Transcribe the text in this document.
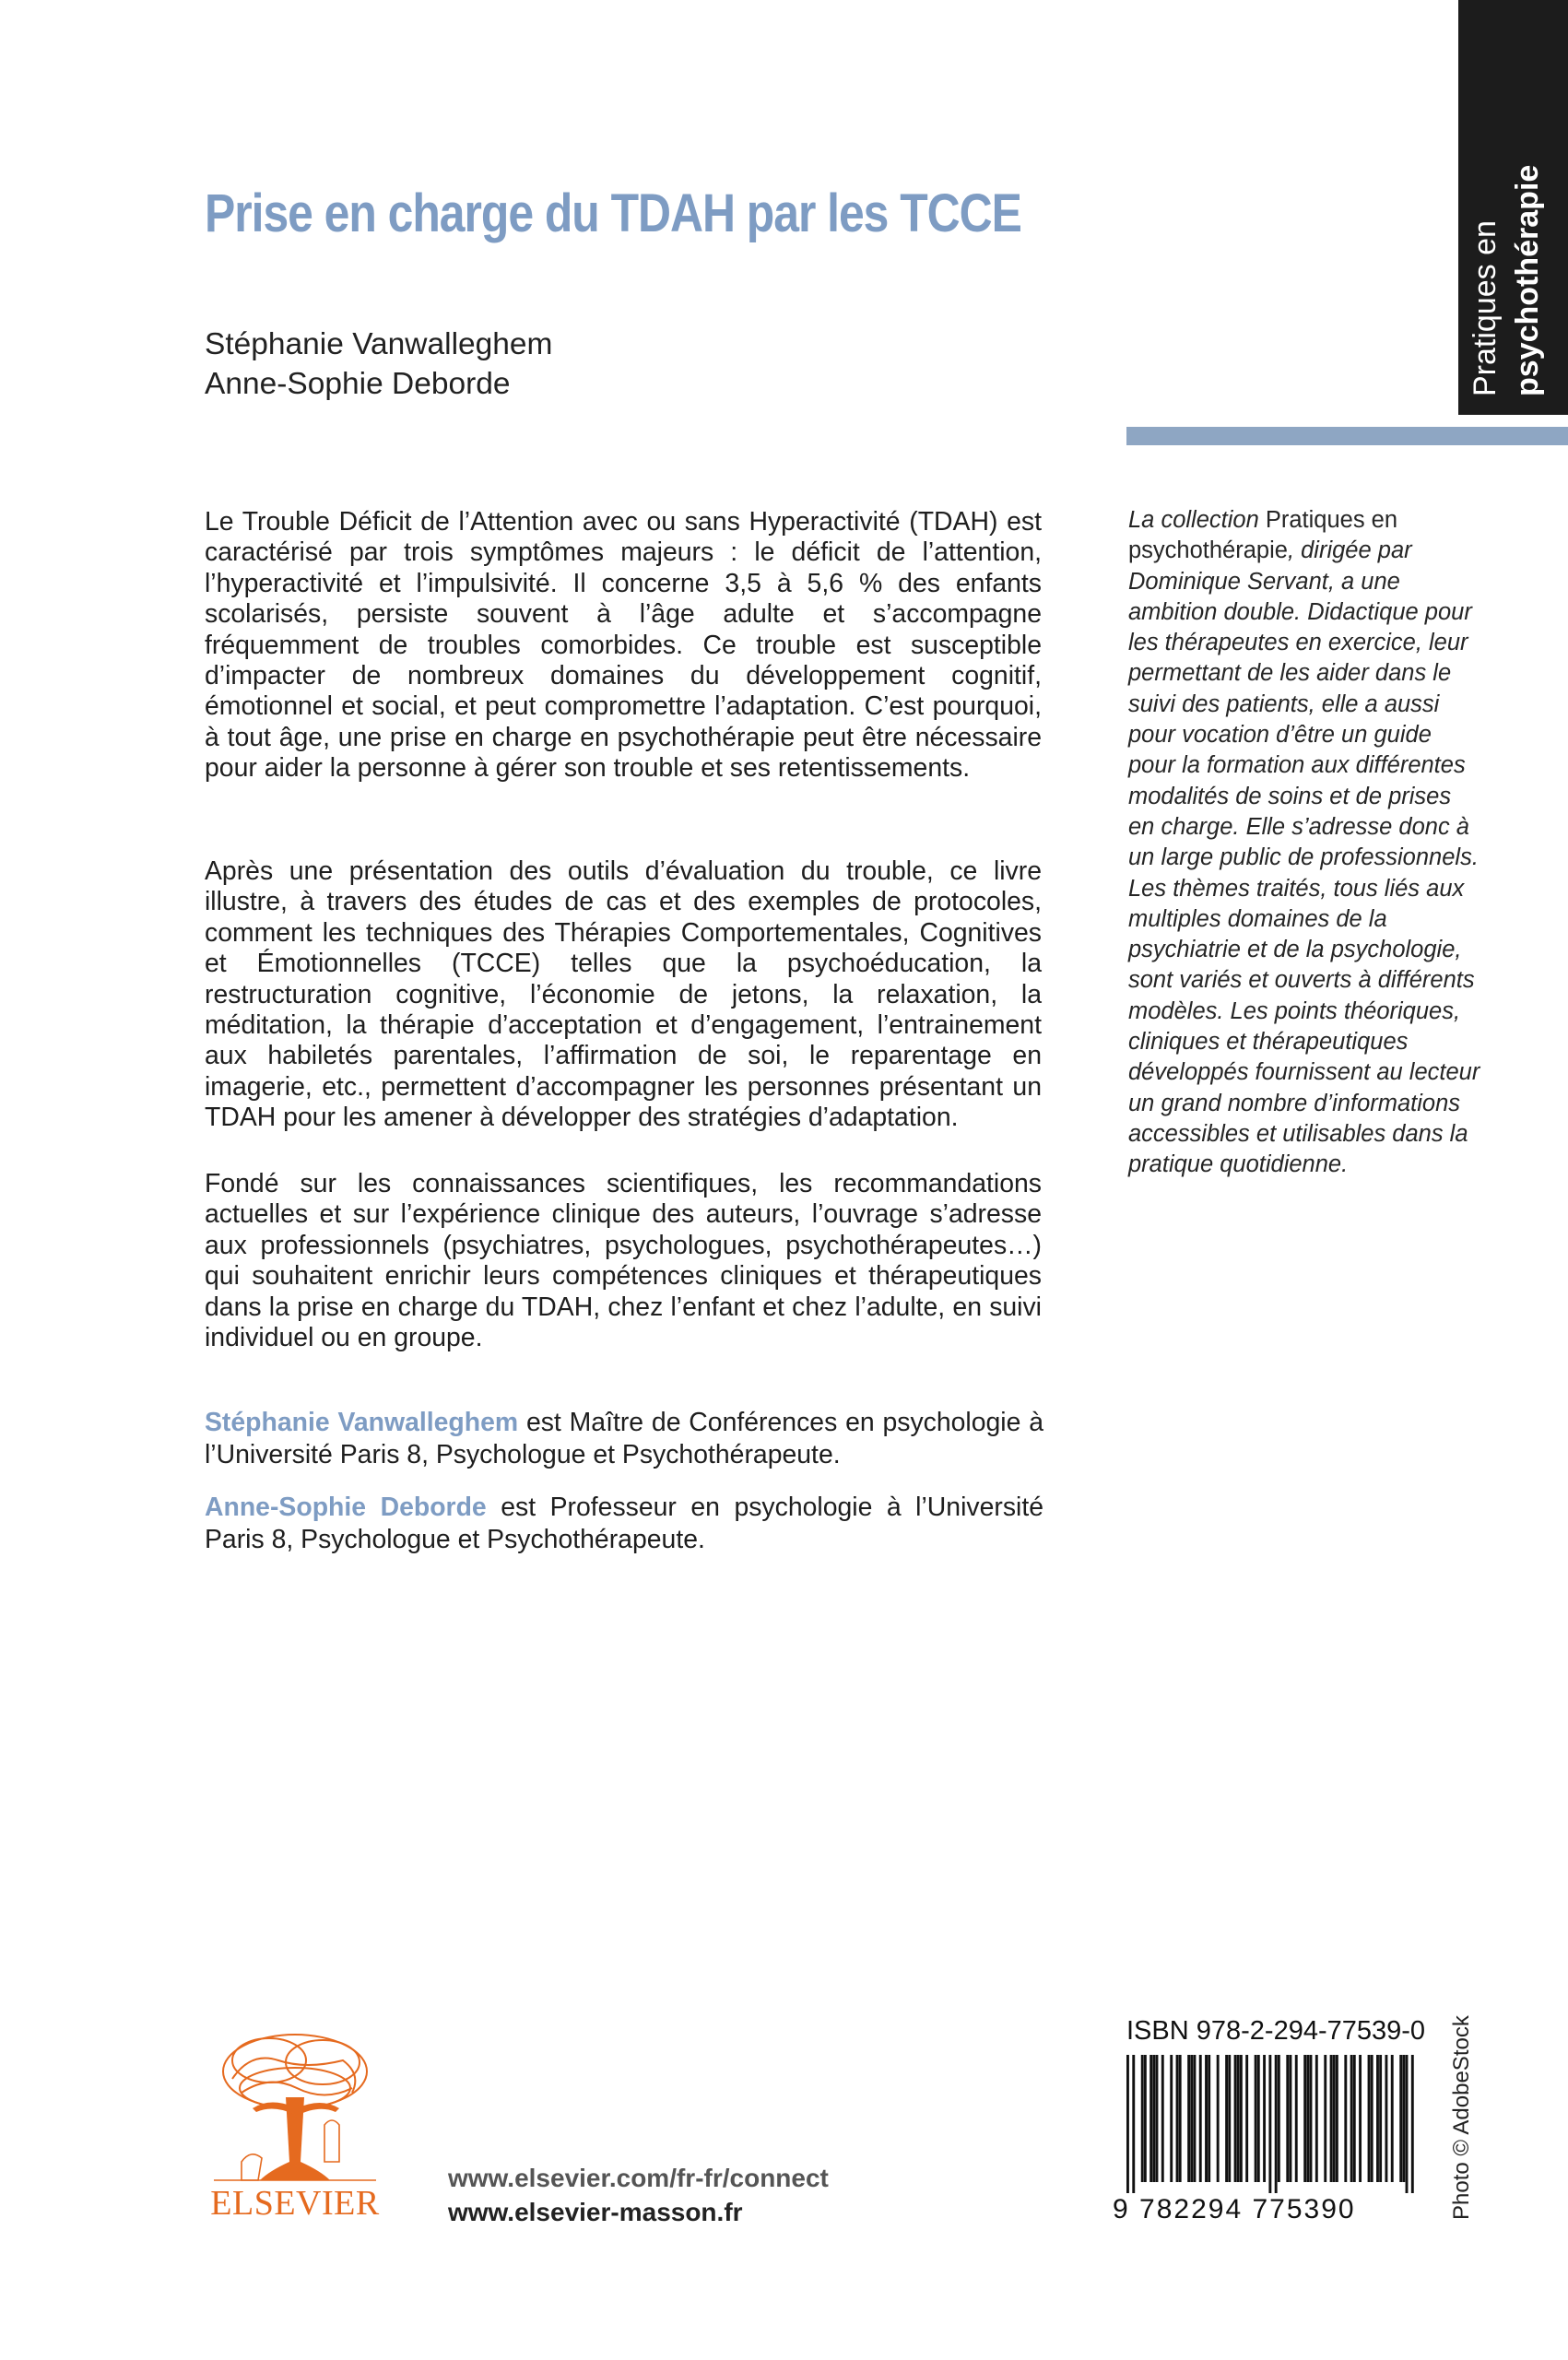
Prise en charge du TDAH par les TCCE

Stéphanie Vanwalleghem

Anne-Sophie Deborde	Pratiques en psychothérapie

Le Trouble Déficit de l’Attention avec ou sans Hyperactivité (TDAH) est caractérisé par trois symptômes majeurs : le déficit de l’attention, l’hyperactivité et l’impulsivité. Il concerne 3,5 à 5,6 % des enfants scolarisés, persiste souvent à l’âge adulte et s’accompagne fréquemment de troubles comorbides. Ce trouble est susceptible d’impacter de nombreux domaines du développement cognitif, émotionnel et social, et peut compromettre l’adaptation. C’est pourquoi, à tout âge, une prise en charge en psychothérapie peut être nécessaire pour aider la personne à gérer son trouble et ses retentissements.

Après une présentation des outils d’évaluation du trouble, ce livre illustre, à travers des études de cas et des exemples de protocoles, comment les techniques des Thérapies Comportementales, Cognitives et Émotionnelles (TCCE) telles que la psychoéducation, la restructuration cognitive, l’économie de jetons, la relaxation, la méditation, la thérapie d’acceptation et d’engagement, l’entrainement aux habiletés parentales, l’affirmation de soi, le reparentage en imagerie, etc., permettent d’accompagner les personnes présentant un TDAH pour les amener à développer des stratégies d’adaptation.

Fondé sur les connaissances scientifiques, les recommandations actuelles et sur l’expérience clinique des auteurs, l’ouvrage s’adresse aux professionnels (psychiatres, psychologues, psychothérapeutes…) qui souhaitent enrichir leurs compétences cliniques et thérapeutiques dans la prise en charge du TDAH, chez l’enfant et chez l’adulte, en suivi individuel ou en groupe.

Stéphanie Vanwalleghem est Maître de Conférences en psychologie à l’Université Paris 8, Psychologue et Psychothérapeute.

Anne-Sophie Deborde est Professeur en psychologie à l’Université Paris 8, Psychologue et Psychothérapeute.

La collection Pratiques en psychothérapie, dirigée par Dominique Servant, a une ambition double. Didactique pour les thérapeutes en exercice, leur permettant de les aider dans le suivi des patients, elle a aussi pour vocation d’être un guide pour la formation aux différentes modalités de soins et de prises en charge. Elle s’adresse donc à un large public de professionnels. Les thèmes traités, tous liés aux multiples domaines de la psychiatrie et de la psychologie, sont variés et ouverts à différents modèles. Les points théoriques, cliniques et thérapeutiques développés fournissent au lecteur un grand nombre d’informations accessibles et utilisables dans la pratique quotidienne.

ELSEVIER

www.elsevier.com/fr-fr/connect

www.elsevier-masson.fr

ISBN 978-2-294-77539-0

9 782294 775390	Photo © AdobeStock
